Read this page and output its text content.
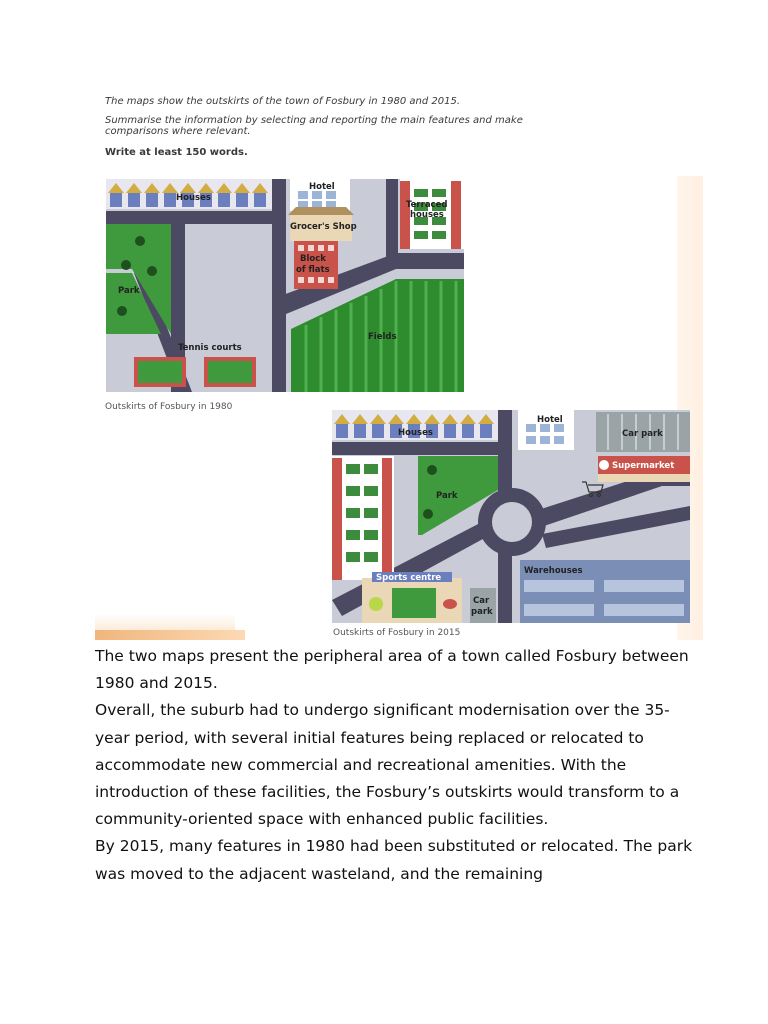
The maps show the outskirts of the town of Fosbury in 1980 and 2015.
Summarise the information by selecting and reporting the main features and make
comparisons where relevant.
Write at least 150 words.
Houses
Hotel
Grocer's Shop
Block
of flats
Terraced
houses
Park
Tennis courts
Fields
Outskirts of Fosbury in 1980
Houses
Hotel
Car park
Supermarket
Park
Warehouses
Sports centre
Car
park
Outskirts of Fosbury in 2015

The two maps present the peripheral area of a town called Fosbury between 1980 and 2015.

Overall, the suburb had to undergo significant modernisation over the 35-year period, with several initial features being replaced or relocated to accommodate new commercial and recreational amenities. With the introduction of these facilities, the Fosbury’s outskirts would transform to a community-oriented space with enhanced public facilities.

By 2015, many features in 1980 had been substituted or relocated. The park was moved to the adjacent wasteland, and the remaining
